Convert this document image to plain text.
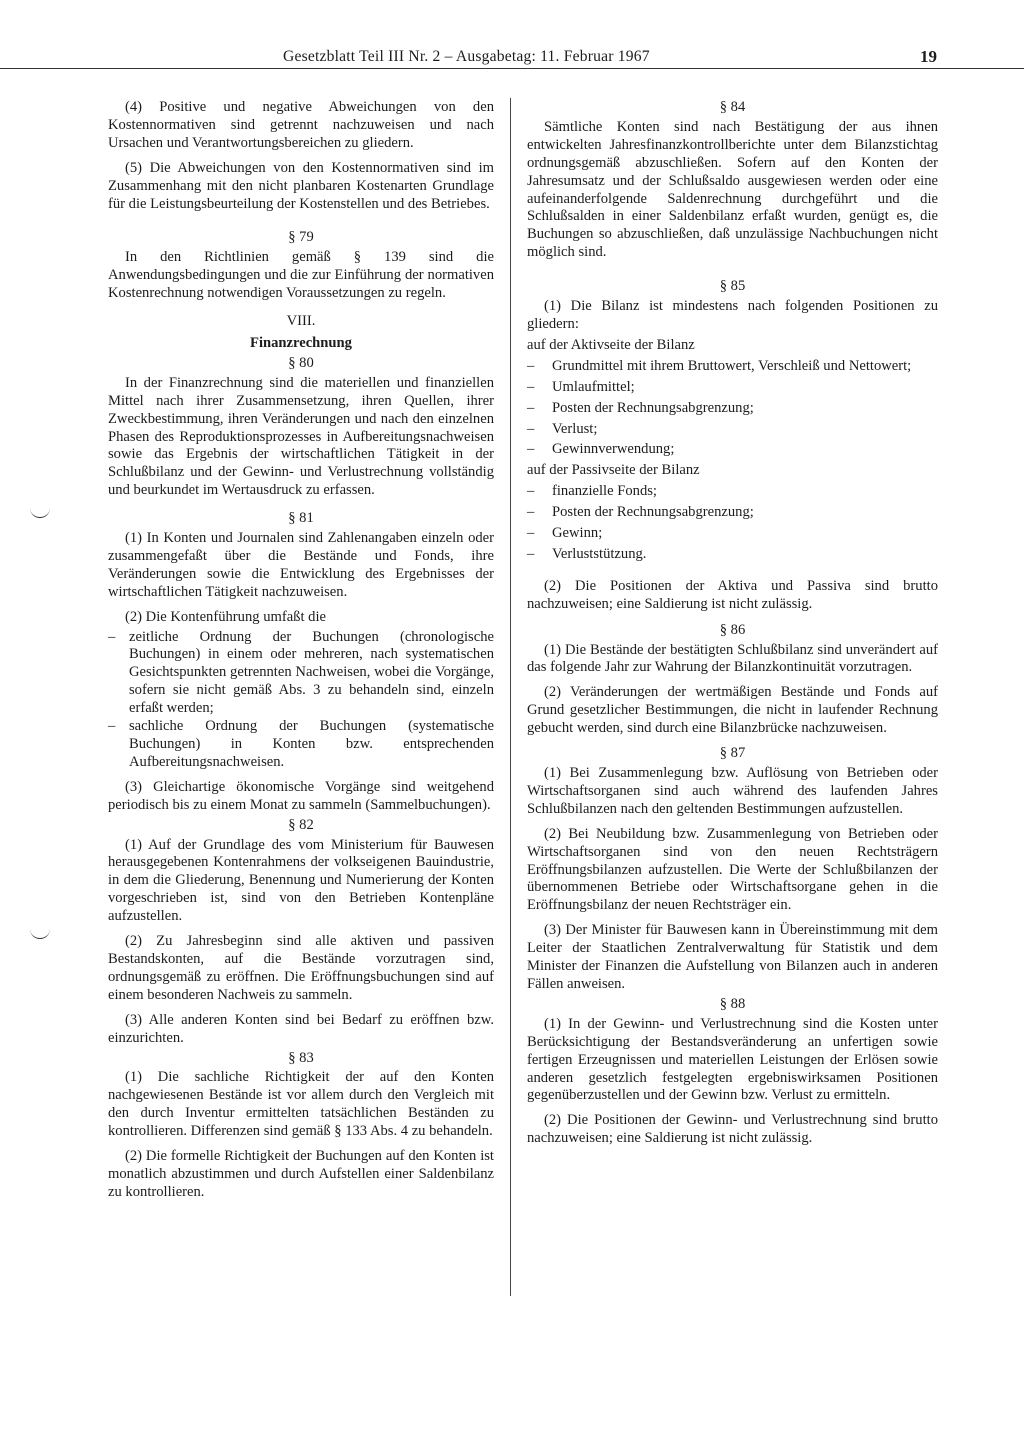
Gesetzblatt Teil III Nr. 2 – Ausgabetag: 11. Februar 1967	19

(4) Positive und negative Abweichungen von den Kostennormativen sind getrennt nachzuweisen und nach Ursachen und Verantwortungsbereichen zu gliedern.

(5) Die Abweichungen von den Kostennormativen sind im Zusammenhang mit den nicht planbaren Kostenarten Grundlage für die Leistungsbeurteilung der Kostenstellen und des Betriebes.

§ 79

In den Richtlinien gemäß § 139 sind die Anwendungsbedingungen und die zur Einführung der normativen Kostenrechnung notwendigen Voraussetzungen zu regeln.

VIII.

Finanzrechnung

§ 80

In der Finanzrechnung sind die materiellen und finanziellen Mittel nach ihrer Zusammensetzung, ihren Quellen, ihrer Zweckbestimmung, ihren Veränderungen und nach den einzelnen Phasen des Reproduktionsprozesses in Aufbereitungsnachweisen sowie das Ergebnis der wirtschaftlichen Tätigkeit in der Schlußbilanz und der Gewinn- und Verlustrechnung vollständig und beurkundet im Wertausdruck zu erfassen.

§ 81

(1) In Konten und Journalen sind Zahlenangaben einzeln oder zusammengefaßt über die Bestände und Fonds, ihre Veränderungen sowie die Entwicklung des Ergebnisses der wirtschaftlichen Tätigkeit nachzuweisen.

(2) Die Kontenführung umfaßt die

– zeitliche Ordnung der Buchungen (chronologische Buchungen) in einem oder mehreren, nach systematischen Gesichtspunkten getrennten Nachweisen, wobei die Vorgänge, sofern sie nicht gemäß Abs. 3 zu behandeln sind, einzeln erfaßt werden;
– sachliche Ordnung der Buchungen (systematische Buchungen) in Konten bzw. entsprechenden Aufbereitungsnachweisen.

(3) Gleichartige ökonomische Vorgänge sind weitgehend periodisch bis zu einem Monat zu sammeln (Sammelbuchungen).

§ 82

(1) Auf der Grundlage des vom Ministerium für Bauwesen herausgegebenen Kontenrahmens der volkseigenen Bauindustrie, in dem die Gliederung, Benennung und Numerierung der Konten vorgeschrieben ist, sind von den Betrieben Kontenpläne aufzustellen.

(2) Zu Jahresbeginn sind alle aktiven und passiven Bestandskonten, auf die Bestände vorzutragen sind, ordnungsgemäß zu eröffnen. Die Eröffnungsbuchungen sind auf einem besonderen Nachweis zu sammeln.

(3) Alle anderen Konten sind bei Bedarf zu eröffnen bzw. einzurichten.

§ 83

(1) Die sachliche Richtigkeit der auf den Konten nachgewiesenen Bestände ist vor allem durch den Vergleich mit den durch Inventur ermittelten tatsächlichen Beständen zu kontrollieren. Differenzen sind gemäß § 133 Abs. 4 zu behandeln.

(2) Die formelle Richtigkeit der Buchungen auf den Konten ist monatlich abzustimmen und durch Aufstellen einer Saldenbilanz zu kontrollieren.

§ 84

Sämtliche Konten sind nach Bestätigung der aus ihnen entwickelten Jahresfinanzkontrollberichte unter dem Bilanzstichtag ordnungsgemäß abzuschließen. Sofern auf den Konten der Jahresumsatz und der Schlußsaldo ausgewiesen werden oder eine aufeinanderfolgende Saldenrechnung durchgeführt und die Schlußsalden in einer Saldenbilanz erfaßt wurden, genügt es, die Buchungen so abzuschließen, daß unzulässige Nachbuchungen nicht möglich sind.

§ 85

(1) Die Bilanz ist mindestens nach folgenden Positionen zu gliedern:

auf der Aktivseite der Bilanz

– Grundmittel mit ihrem Bruttowert, Verschleiß und Nettowert;
– Umlaufmittel;
– Posten der Rechnungsabgrenzung;
– Verlust;
– Gewinnverwendung;

auf der Passivseite der Bilanz

– finanzielle Fonds;
– Posten der Rechnungsabgrenzung;
– Gewinn;
– Verluststützung.

(2) Die Positionen der Aktiva und Passiva sind brutto nachzuweisen; eine Saldierung ist nicht zulässig.

§ 86

(1) Die Bestände der bestätigten Schlußbilanz sind unverändert auf das folgende Jahr zur Wahrung der Bilanzkontinuität vorzutragen.

(2) Veränderungen der wertmäßigen Bestände und Fonds auf Grund gesetzlicher Bestimmungen, die nicht in laufender Rechnung gebucht werden, sind durch eine Bilanzbrücke nachzuweisen.

§ 87

(1) Bei Zusammenlegung bzw. Auflösung von Betrieben oder Wirtschaftsorganen sind auch während des laufenden Jahres Schlußbilanzen nach den geltenden Bestimmungen aufzustellen.

(2) Bei Neubildung bzw. Zusammenlegung von Betrieben oder Wirtschaftsorganen sind von den neuen Rechtsträgern Eröffnungsbilanzen aufzustellen. Die Werte der Schlußbilanzen der übernommenen Betriebe oder Wirtschaftsorgane gehen in die Eröffnungsbilanz der neuen Rechtsträger ein.

(3) Der Minister für Bauwesen kann in Übereinstimmung mit dem Leiter der Staatlichen Zentralverwaltung für Statistik und dem Minister der Finanzen die Aufstellung von Bilanzen auch in anderen Fällen anweisen.

§ 88

(1) In der Gewinn- und Verlustrechnung sind die Kosten unter Berücksichtigung der Bestandsveränderung an unfertigen sowie fertigen Erzeugnissen und materiellen Leistungen der Erlösen sowie anderen gesetzlich festgelegten ergebniswirksamen Positionen gegenüberzustellen und der Gewinn bzw. Verlust zu ermitteln.

(2) Die Positionen der Gewinn- und Verlustrechnung sind brutto nachzuweisen; eine Saldierung ist nicht zulässig.
